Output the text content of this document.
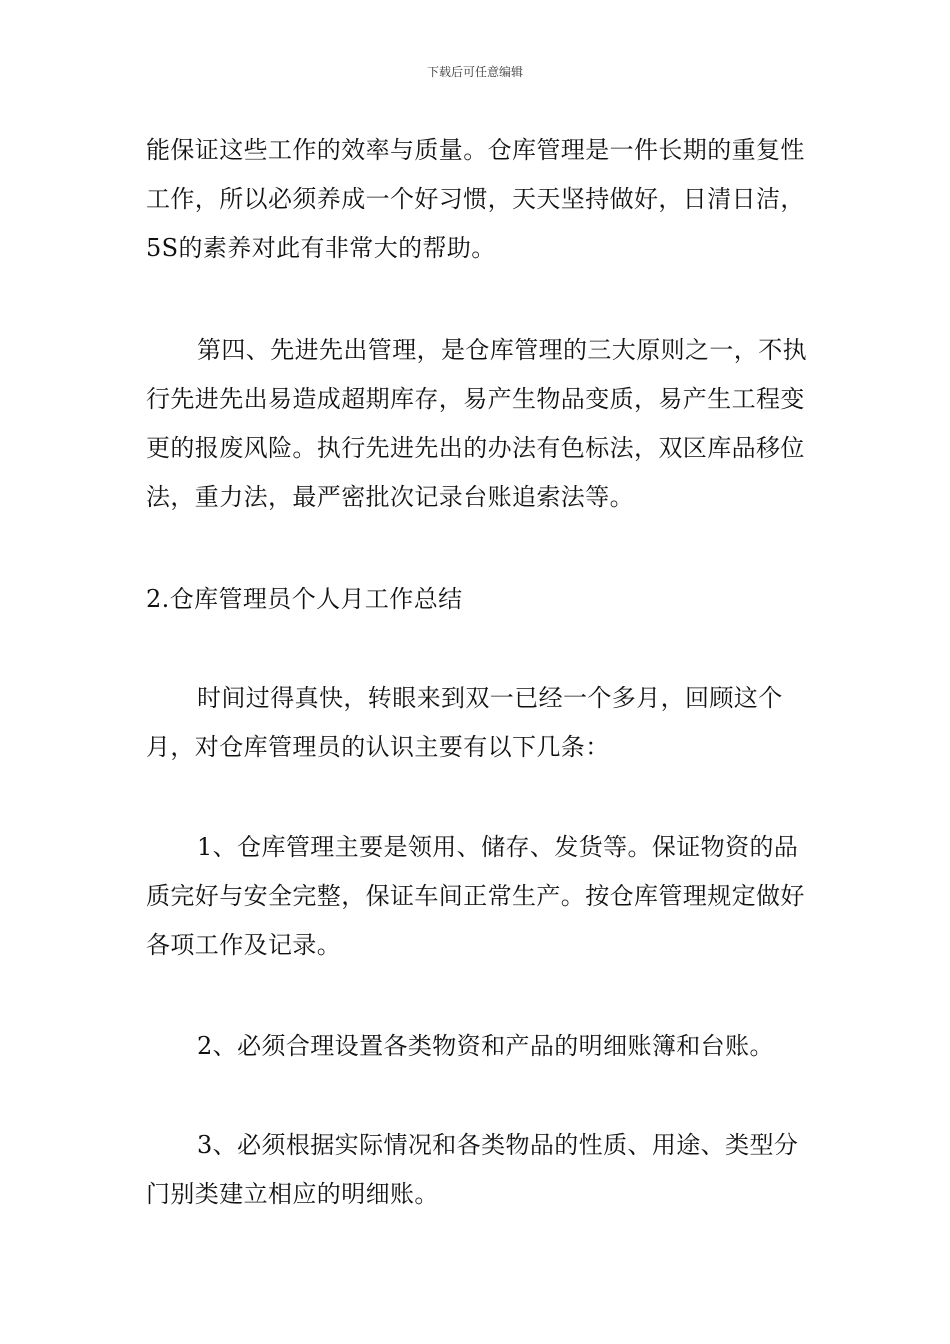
下载后可任意编辑
能保证这些工作的效率与质量。仓库管理是一件长期的重复性工作，所以必须养成一个好习惯，天天坚持做好，日清日洁，5S的素养对此有非常大的帮助。
第四、先进先出管理，是仓库管理的三大原则之一，不执行先进先出易造成超期库存，易产生物品变质，易产生工程变更的报废风险。执行先进先出的办法有色标法，双区库品移位法，重力法，最严密批次记录台账追索法等。
2.仓库管理员个人月工作总结
时间过得真快，转眼来到双一已经一个多月，回顾这个月，对仓库管理员的认识主要有以下几条：
1、仓库管理主要是领用、储存、发货等。保证物资的品质完好与安全完整，保证车间正常生产。按仓库管理规定做好各项工作及记录。
2、必须合理设置各类物资和产品的明细账簿和台账。
3、必须根据实际情况和各类物品的性质、用途、类型分门别类建立相应的明细账。
